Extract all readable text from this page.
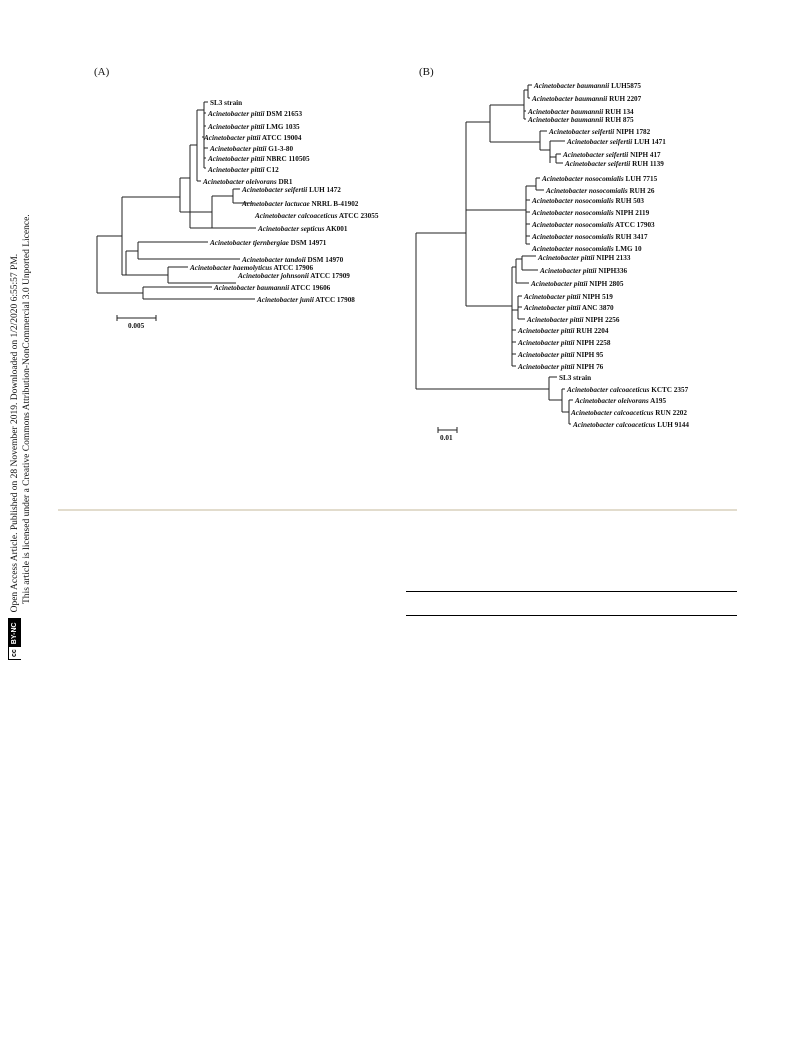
cc
BY-NC
Open Access Article. Published on 28 November 2019. Downloaded on 1/2/2020 6:55:57 PM. This article is licensed under a Creative Commons Attribution-NonCommercial 3.0 Unported Licence.
(A)	(B)
0.005
SL3 strain
Acinetobacter pittii DSM 21653
Acinetobacter pittii LMG 1035
Acinetobacter pittii ATCC 19004
Acinetobacter pittii G1-3-80
Acinetobacter pittii NBRC 110505
Acinetobacter pittii C12
Acinetobacter oleivorans DR1
Acinetobacter seifertii LUH 1472
Acinetobacter lactucae NRRL B-41902
Acinetobacter calcoaceticus ATCC 23055
Acinetobacter septicus AK001
Acinetobacter tjernbergiae DSM 14971
Acinetobacter tandoii DSM 14970
Acinetobacter haemolyticus ATCC 17906
Acinetobacter johnsonii ATCC 17909
Acinetobacter baumannii ATCC 19606
Acinetobacter junii ATCC 17908
0.01
Acinetobacter baumannii LUH5875
Acinetobacter baumannii RUH 2207
Acinetobacter baumannii RUH 134
Acinetobacter baumannii RUH 875
Acinetobacter seifertii NIPH 1782
Acinetobacter seifertii LUH 1471
Acinetobacter seifertii NIPH 417
Acinetobacter seifertii RUH 1139
Acinetobacter nosocomialis LUH 7715
Acinetobacter nosocomialis RUH 26
Acinetobacter nosocomialis RUH 503
Acinetobacter nosocomialis NIPH 2119
Acinetobacter nosocomialis ATCC 17903
Acinetobacter nosocomialis RUH 3417
Acinetobacter nosocomialis LMG 10
Acinetobacter pittii NIPH 2133
Acinetobacter pittii NIPH336
Acinetobacter pittii NIPH 2805
Acinetobacter pittii NIPH 519
Acinetobacter pittii ANC 3870
Acinetobacter pittii NIPH 2256
Acinetobacter pittii RUH 2204
Acinetobacter pittii NIPH 2258
Acinetobacter pittii NIPH 95
Acinetobacter pittii NIPH 76
SL3 strain
Acinetobacter calcoaceticus KCTC 2357
Acinetobacter oleivorans A195
Acinetobacter calcoaceticus RUN 2202
Acinetobacter calcoaceticus LUH 9144
